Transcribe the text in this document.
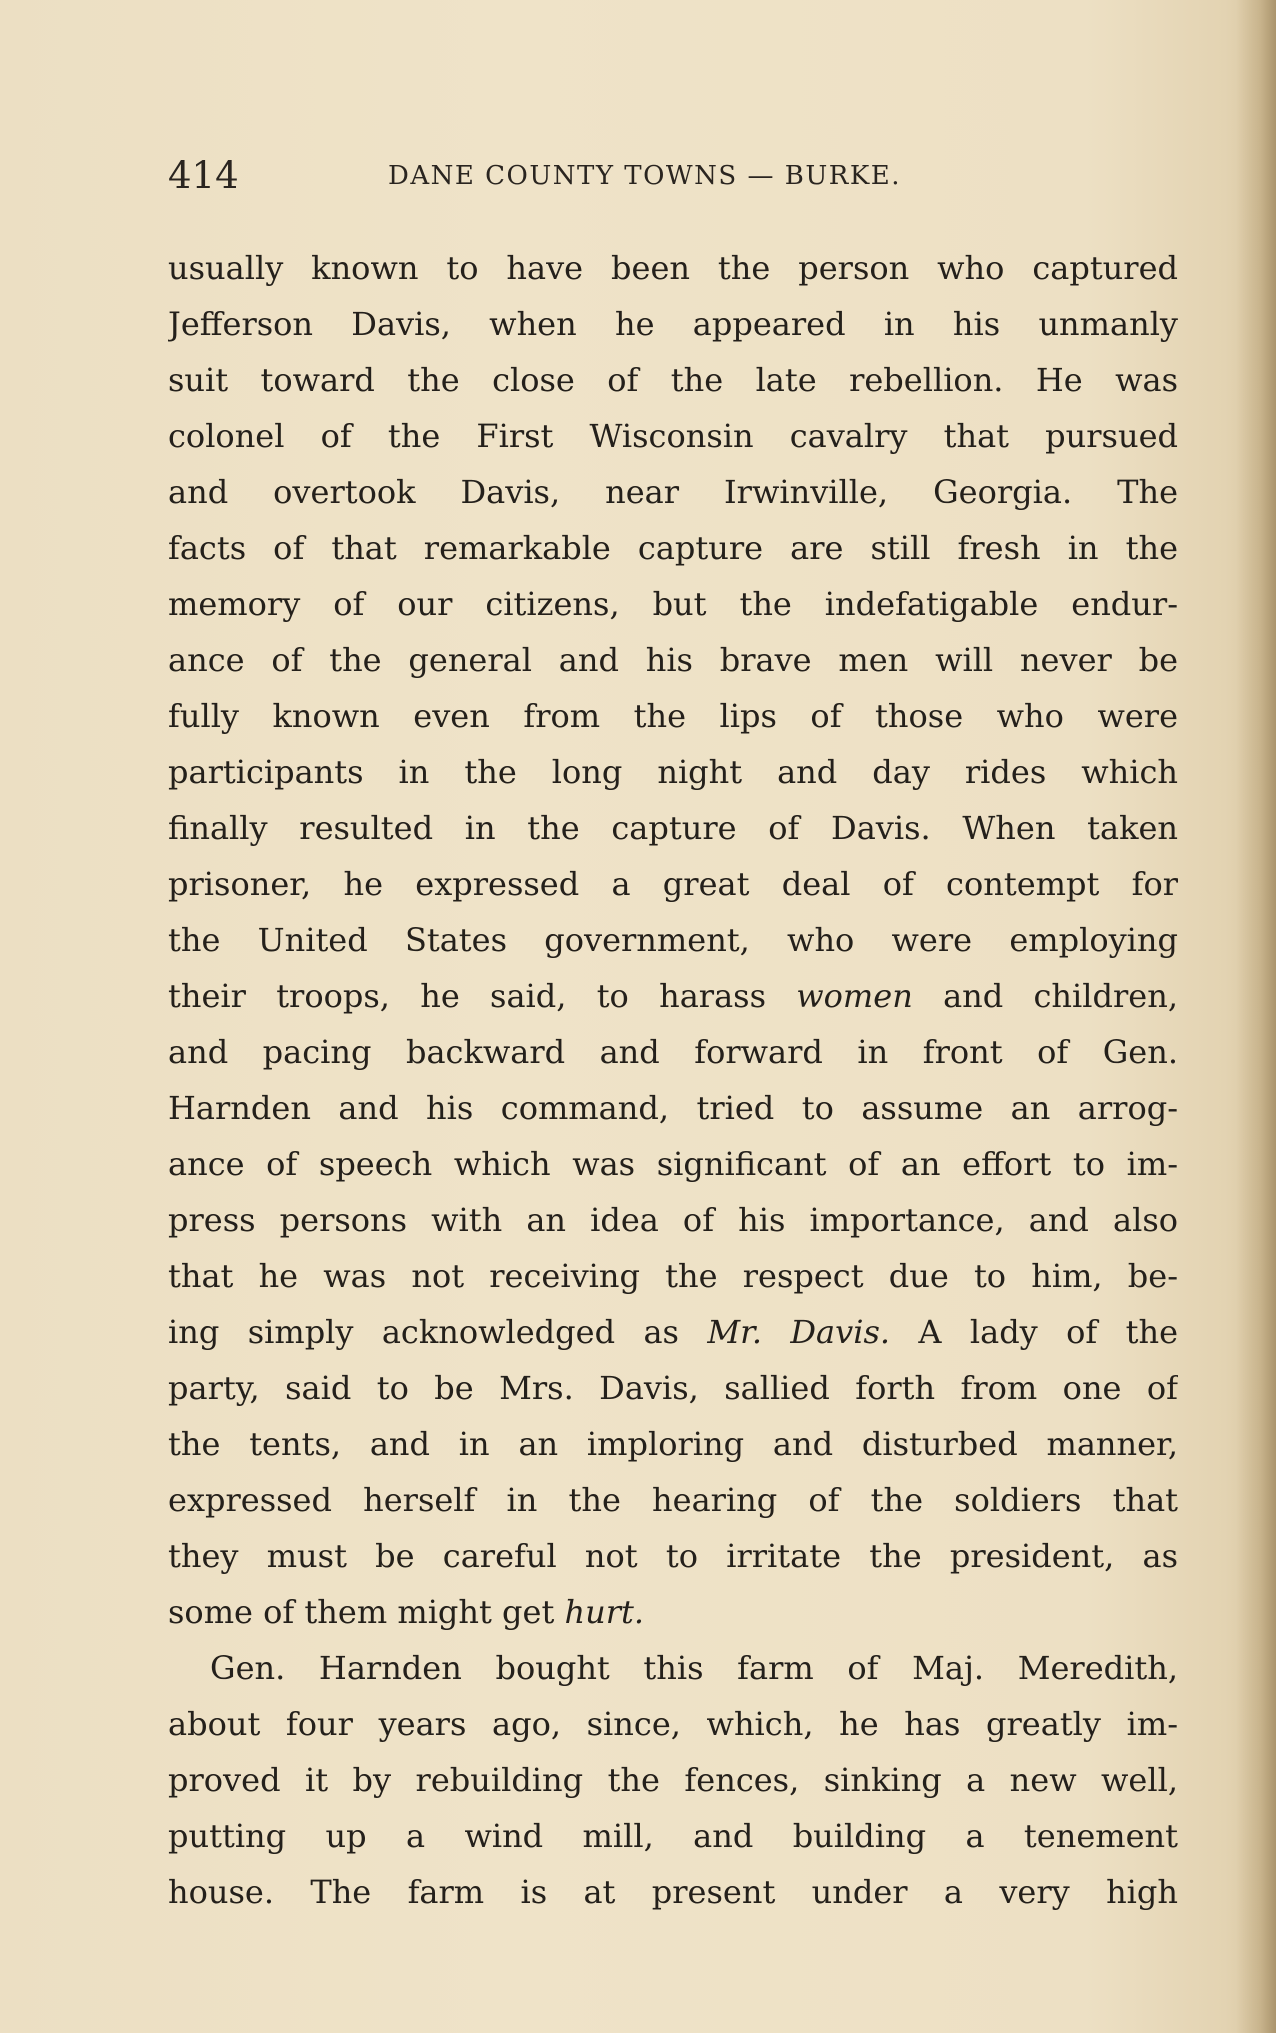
414	DANE COUNTY TOWNS — BURKE.
usually known to have been the person who captured
Jefferson Davis, when he appeared in his unmanly
suit toward the close of the late rebellion. He was
colonel of the First Wisconsin cavalry that pursued
and overtook Davis, near Irwinville, Georgia. The
facts of that remarkable capture are still fresh in the
memory of our citizens, but the indefatigable endur-
ance of the general and his brave men will never be
fully known even from the lips of those who were
participants in the long night and day rides which
finally resulted in the capture of Davis. When taken
prisoner, he expressed a great deal of contempt for
the United States government, who were employing
their troops, he said, to harass women and children,
and pacing backward and forward in front of Gen.
Harnden and his command, tried to assume an arrog-
ance of speech which was significant of an effort to im-
press persons with an idea of his importance, and also
that he was not receiving the respect due to him, be-
ing simply acknowledged as Mr. Davis. A lady of the
party, said to be Mrs. Davis, sallied forth from one of
the tents, and in an imploring and disturbed manner,
expressed herself in the hearing of the soldiers that
they must be careful not to irritate the president, as
some of them might get hurt.
Gen. Harnden bought this farm of Maj. Meredith,
about four years ago, since, which, he has greatly im-
proved it by rebuilding the fences, sinking a new well,
putting up a wind mill, and building a tenement
house. The farm is at present under a very high
